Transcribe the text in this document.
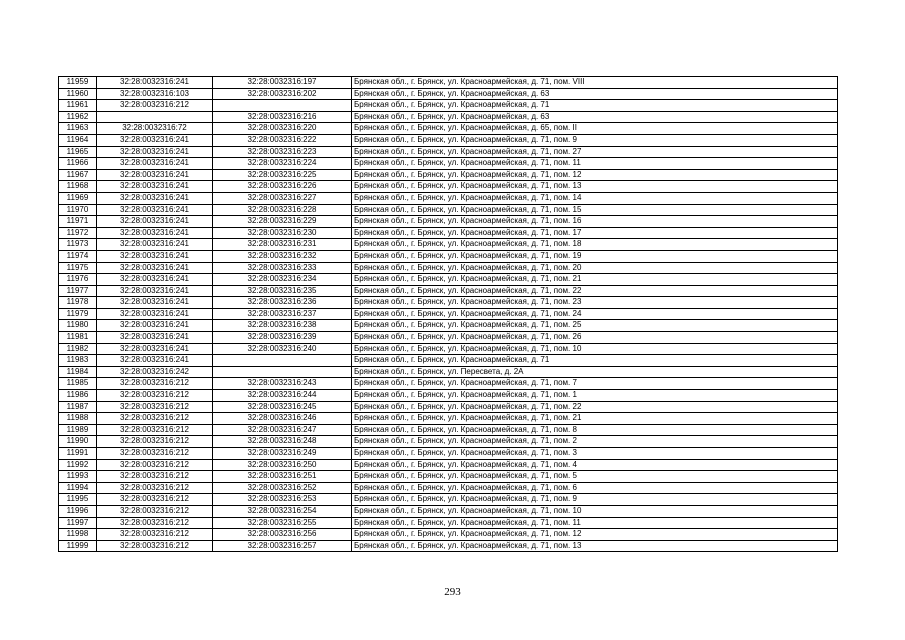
11959	32:28:0032316:241	32:28:0032316:197	Брянская обл., г. Брянск, ул. Красноармейская, д. 71, пом. VIII
11960	32:28:0032316:103	32:28:0032316:202	Брянская обл., г. Брянск, ул. Красноармейская, д. 63
11961	32:28:0032316:212		Брянская обл., г. Брянск, ул. Красноармейская, д. 71
11962		32:28:0032316:216	Брянская обл., г. Брянск, ул. Красноармейская, д. 63
11963	32:28:0032316:72	32:28:0032316:220	Брянская обл., г. Брянск, ул. Красноармейская, д. 65, пом. II
11964	32:28:0032316:241	32:28:0032316:222	Брянская обл., г. Брянск, ул. Красноармейская, д. 71, пом. 9
11965	32:28:0032316:241	32:28:0032316:223	Брянская обл., г. Брянск, ул. Красноармейская, д. 71, пом. 27
11966	32:28:0032316:241	32:28:0032316:224	Брянская обл., г. Брянск, ул. Красноармейская, д. 71, пом. 11
11967	32:28:0032316:241	32:28:0032316:225	Брянская обл., г. Брянск, ул. Красноармейская, д. 71, пом. 12
11968	32:28:0032316:241	32:28:0032316:226	Брянская обл., г. Брянск, ул. Красноармейская, д. 71, пом. 13
11969	32:28:0032316:241	32:28:0032316:227	Брянская обл., г. Брянск, ул. Красноармейская, д. 71, пом. 14
11970	32:28:0032316:241	32:28:0032316:228	Брянская обл., г. Брянск, ул. Красноармейская, д. 71, пом. 15
11971	32:28:0032316:241	32:28:0032316:229	Брянская обл., г. Брянск, ул. Красноармейская, д. 71, пом. 16
11972	32:28:0032316:241	32:28:0032316:230	Брянская обл., г. Брянск, ул. Красноармейская, д. 71, пом. 17
11973	32:28:0032316:241	32:28:0032316:231	Брянская обл., г. Брянск, ул. Красноармейская, д. 71, пом. 18
11974	32:28:0032316:241	32:28:0032316:232	Брянская обл., г. Брянск, ул. Красноармейская, д. 71, пом. 19
11975	32:28:0032316:241	32:28:0032316:233	Брянская обл., г. Брянск, ул. Красноармейская, д. 71, пом. 20
11976	32:28:0032316:241	32:28:0032316:234	Брянская обл., г. Брянск, ул. Красноармейская, д. 71, пом. 21
11977	32:28:0032316:241	32:28:0032316:235	Брянская обл., г. Брянск, ул. Красноармейская, д. 71, пом. 22
11978	32:28:0032316:241	32:28:0032316:236	Брянская обл., г. Брянск, ул. Красноармейская, д. 71, пом. 23
11979	32:28:0032316:241	32:28:0032316:237	Брянская обл., г. Брянск, ул. Красноармейская, д. 71, пом. 24
11980	32:28:0032316:241	32:28:0032316:238	Брянская обл., г. Брянск, ул. Красноармейская, д. 71, пом. 25
11981	32:28:0032316:241	32:28:0032316:239	Брянская обл., г. Брянск, ул. Красноармейская, д. 71, пом. 26
11982	32:28:0032316:241	32:28:0032316:240	Брянская обл., г. Брянск, ул. Красноармейская, д. 71, пом. 10
11983	32:28:0032316:241		Брянская обл., г. Брянск, ул. Красноармейская, д. 71
11984	32:28:0032316:242		Брянская обл., г. Брянск, ул. Пересвета, д. 2А
11985	32:28:0032316:212	32:28:0032316:243	Брянская обл., г. Брянск, ул. Красноармейская, д. 71, пом. 7
11986	32:28:0032316:212	32:28:0032316:244	Брянская обл., г. Брянск, ул. Красноармейская, д. 71, пом. 1
11987	32:28:0032316:212	32:28:0032316:245	Брянская обл., г. Брянск, ул. Красноармейская, д. 71, пом. 22
11988	32:28:0032316:212	32:28:0032316:246	Брянская обл., г. Брянск, ул. Красноармейская, д. 71, пом. 21
11989	32:28:0032316:212	32:28:0032316:247	Брянская обл., г. Брянск, ул. Красноармейская, д. 71, пом. 8
11990	32:28:0032316:212	32:28:0032316:248	Брянская обл., г. Брянск, ул. Красноармейская, д. 71, пом. 2
11991	32:28:0032316:212	32:28:0032316:249	Брянская обл., г. Брянск, ул. Красноармейская, д. 71, пом. 3
11992	32:28:0032316:212	32:28:0032316:250	Брянская обл., г. Брянск, ул. Красноармейская, д. 71, пом. 4
11993	32:28:0032316:212	32:28:0032316:251	Брянская обл., г. Брянск, ул. Красноармейская, д. 71, пом. 5
11994	32:28:0032316:212	32:28:0032316:252	Брянская обл., г. Брянск, ул. Красноармейская, д. 71, пом. 6
11995	32:28:0032316:212	32:28:0032316:253	Брянская обл., г. Брянск, ул. Красноармейская, д. 71, пом. 9
11996	32:28:0032316:212	32:28:0032316:254	Брянская обл., г. Брянск, ул. Красноармейская, д. 71, пом. 10
11997	32:28:0032316:212	32:28:0032316:255	Брянская обл., г. Брянск, ул. Красноармейская, д. 71, пом. 11
11998	32:28:0032316:212	32:28:0032316:256	Брянская обл., г. Брянск, ул. Красноармейская, д. 71, пом. 12
11999	32:28:0032316:212	32:28:0032316:257	Брянская обл., г. Брянск, ул. Красноармейская, д. 71, пом. 13
293
